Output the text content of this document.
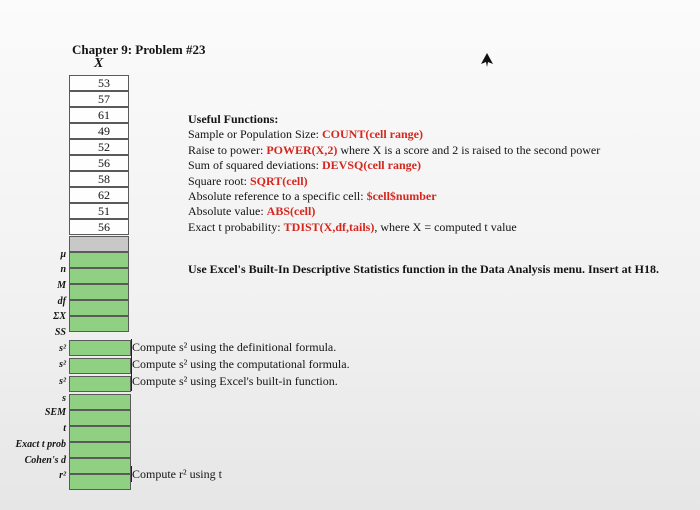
Chapter 9: Problem #23
X
53
57
61
49
52
56
58
62
51
56
μ
n
M
df
ΣX
SS
s²
s²
s²
s
SEM
t
Exact t prob
Cohen's d
r²
Useful Functions:
Sample or Population Size: COUNT(cell range)
Raise to power: POWER(X,2) where X is a score and 2 is raised to the second power
Sum of squared deviations: DEVSQ(cell range)
Square root: SQRT(cell)
Absolute reference to a specific cell: $cell$number
Absolute value: ABS(cell)
Exact t probability: TDIST(X,df,tails), where X = computed t value
Use Excel's Built-In Descriptive Statistics function in the Data Analysis menu. Insert at H18.
Compute s² using the definitional formula.
Compute s² using the computational formula.
Compute s² using Excel's built-in function.
Compute r² using t
